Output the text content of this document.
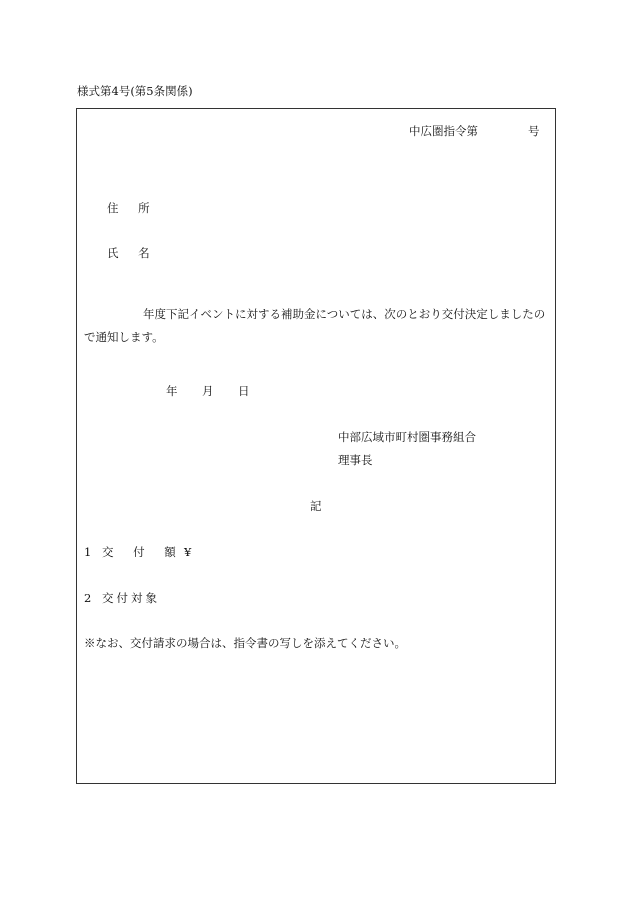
様式第4号(第5条関係)
中広圏指令第	号
住 所
氏 名
年度下記イベントに対する補助金については、次のとおり交付決定しましたの
で通知します。
年 月 日
中部広域市町村圏事務組合
理事長
記
1 交 付 額 ¥
2 交付対象
※なお、交付請求の場合は、指令書の写しを添えてください。
